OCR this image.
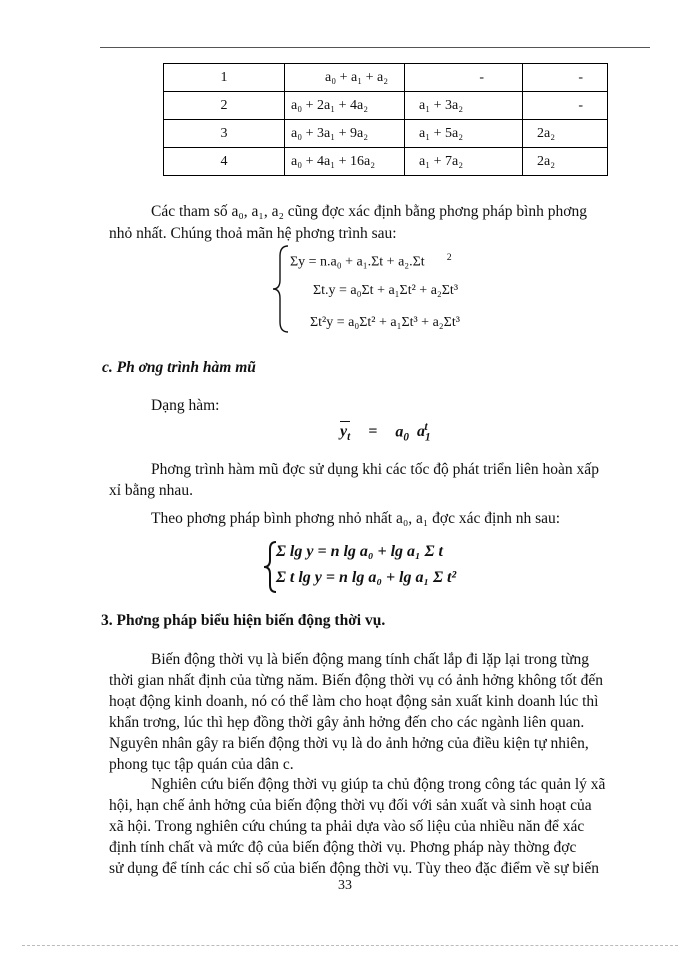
1	a₀ + a₁ + a₂	-	-

2	a₀ + 2a₁ + 4a₂	a₁ + 3a₂	-

3	a₀ + 3a₁ + 9a₂	a₁ + 5a₂	2a₂

4	a₀ + 4a₁ + 16a₂	a₁ + 7a₂	2a₂
Các tham số a₀, a₁, a₂ cũng đợc xác định bằng phơng pháp bình phơng
nhỏ nhất. Chúng thoả mãn hệ phơng trình sau:
Σy = n.a₀ + a₁.Σt + a₂.Σt $^2$
Σt.y = a₀Σt + a₁Σt² + a₂Σt³
Σt²y = a₀Σt² + a₁Σt³ + a₂Σt³
c. Ph ơng trình hàm mũ
Dạng hàm:
$y_t = a_0$ $a_1^t$
Phơng trình hàm mũ đợc sử dụng khi các tốc độ phát triển liên hoàn xấp
xỉ bằng nhau.
Theo phơng pháp bình phơng nhỏ nhất a₀, a₁ đợc xác định nh sau:
Σ lg y = n lg a₀ + lg a₁ Σ t
Σ t lg y = n lg a₀ + lg a₁ Σ t²
3. Phơng pháp biểu hiện biến động thời vụ.
Biến động thời vụ là biến động mang tính chất lắp đi lặp lại trong từng
thời gian nhất định của từng năm. Biến động thời vụ có ảnh hởng không tốt đến
hoạt động kinh doanh, nó có thể làm cho hoạt động sản xuất kinh doanh lúc thì
khẩn trơng, lúc thì hẹp đồng thời gây ảnh hởng đến cho các ngành liên quan.
Nguyên nhân gây ra biến động thời vụ là do ảnh hởng của điều kiện tự nhiên,
phong tục tập quán của dân c.
Nghiên cứu biến động thời vụ giúp ta chủ động trong công tác quản lý xã
hội, hạn chế ảnh hởng của biến động thời vụ đối với sản xuất và sinh hoạt của
xã hội. Trong nghiên cứu chúng ta phải dựa vào số liệu của nhiều năn để xác
định tính chất và mức độ của biến động thời vụ. Phơng pháp này thờng đợc
sử dụng để tính các chỉ số của biến động thời vụ. Tùy theo đặc điểm về sự biến
33
